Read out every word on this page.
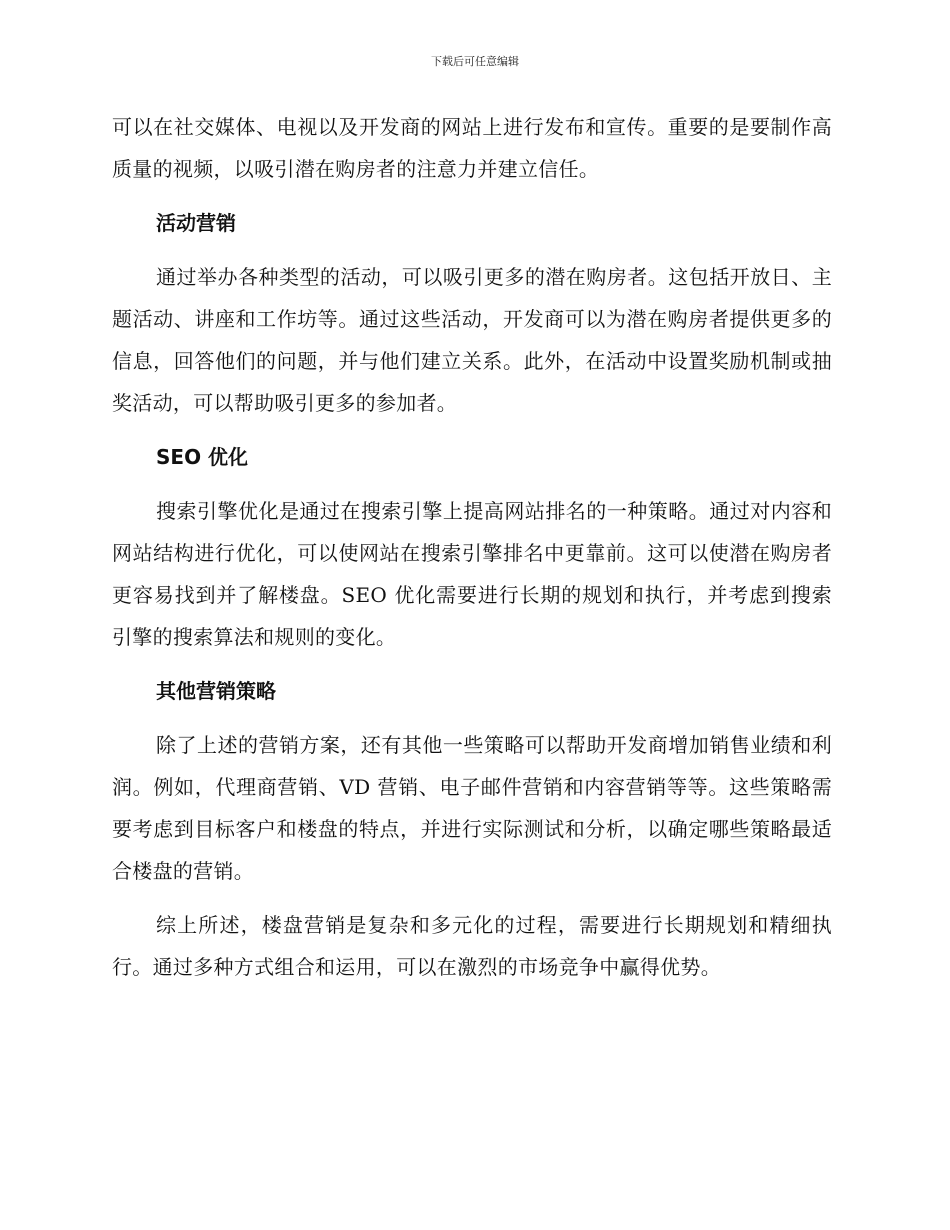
下载后可任意编辑

可以在社交媒体、电视以及开发商的网站上进行发布和宣传。重要的是要制作高质量的视频，以吸引潜在购房者的注意力并建立信任。

活动营销

通过举办各种类型的活动，可以吸引更多的潜在购房者。这包括开放日、主题活动、讲座和工作坊等。通过这些活动，开发商可以为潜在购房者提供更多的信息，回答他们的问题，并与他们建立关系。此外，在活动中设置奖励机制或抽奖活动，可以帮助吸引更多的参加者。

SEO 优化

搜索引擎优化是通过在搜索引擎上提高网站排名的一种策略。通过对内容和网站结构进行优化，可以使网站在搜索引擎排名中更靠前。这可以使潜在购房者更容易找到并了解楼盘。SEO 优化需要进行长期的规划和执行，并考虑到搜索引擎的搜索算法和规则的变化。

其他营销策略

除了上述的营销方案，还有其他一些策略可以帮助开发商增加销售业绩和利润。例如，代理商营销、VD 营销、电子邮件营销和内容营销等等。这些策略需要考虑到目标客户和楼盘的特点，并进行实际测试和分析，以确定哪些策略最适合楼盘的营销。

综上所述，楼盘营销是复杂和多元化的过程，需要进行长期规划和精细执行。通过多种方式组合和运用，可以在激烈的市场竞争中赢得优势。
